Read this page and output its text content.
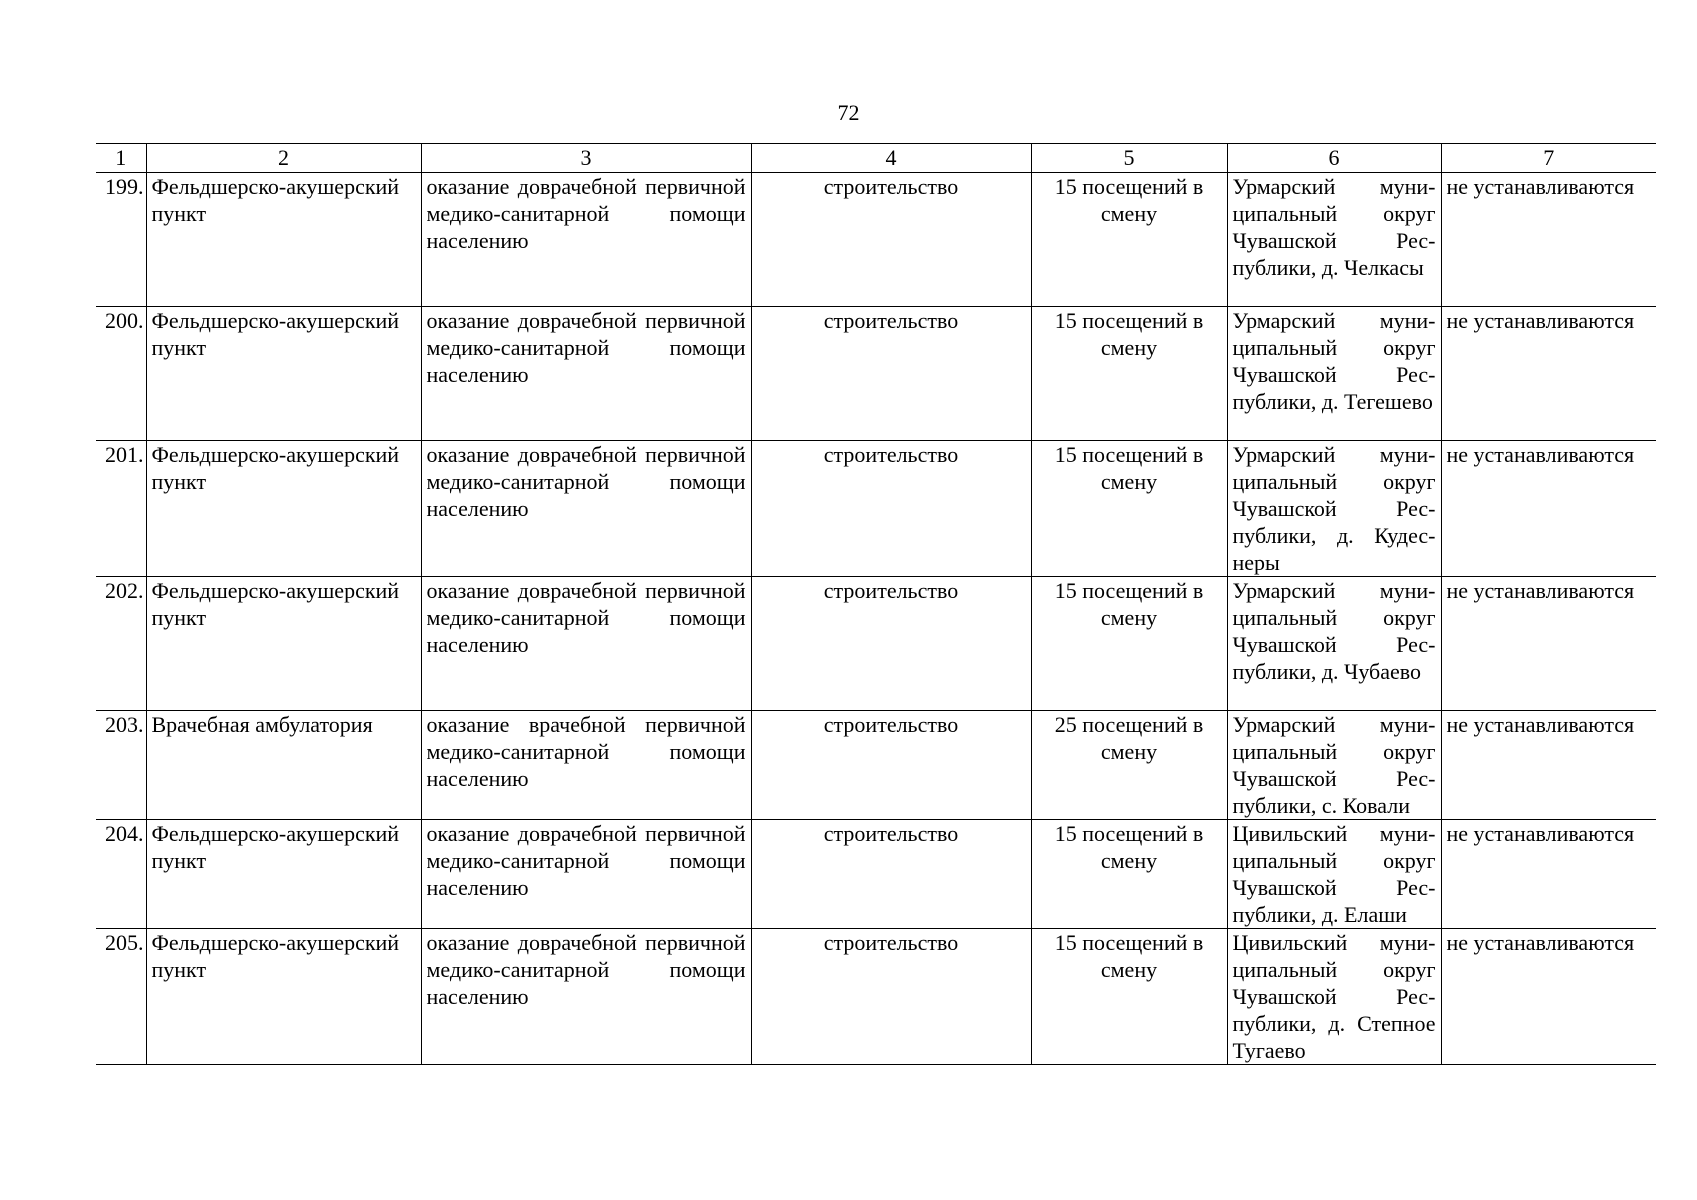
72
1	2	3	4	5	6	7
199.	Фельдшерско-акушерский пункт	оказание доврачебной первичной медико-санитарной помощи населению	строительство	15 посещений в смену	Урмарский муниципальный округ Чувашской Республики, д. Челкасы	не устанавливаются
200.	Фельдшерско-акушерский пункт	оказание доврачебной первичной медико-санитарной помощи населению	строительство	15 посещений в смену	Урмарский муниципальный округ Чувашской Республики, д. Тегешево	не устанавливаются
201.	Фельдшерско-акушерский пункт	оказание доврачебной первичной медико-санитарной помощи населению	строительство	15 посещений в смену	Урмарский муниципальный округ Чувашской Республики, д. Кудеснеры	не устанавливаются
202.	Фельдшерско-акушерский пункт	оказание доврачебной первичной медико-санитарной помощи населению	строительство	15 посещений в смену	Урмарский муниципальный округ Чувашской Республики, д. Чубаево	не устанавливаются
203.	Врачебная амбулатория	оказание врачебной первичной медико-санитарной помощи населению	строительство	25 посещений в смену	Урмарский муниципальный округ Чувашской Республики, с. Ковали	не устанавливаются
204.	Фельдшерско-акушерский пункт	оказание доврачебной первичной медико-санитарной помощи населению	строительство	15 посещений в смену	Цивильский муниципальный округ Чувашской Республики, д. Елаши	не устанавливаются
205.	Фельдшерско-акушерский пункт	оказание доврачебной первичной медико-санитарной помощи населению	строительство	15 посещений в смену	Цивильский муниципальный округ Чувашской Республики, д. Степное Тугаево	не устанавливаются
